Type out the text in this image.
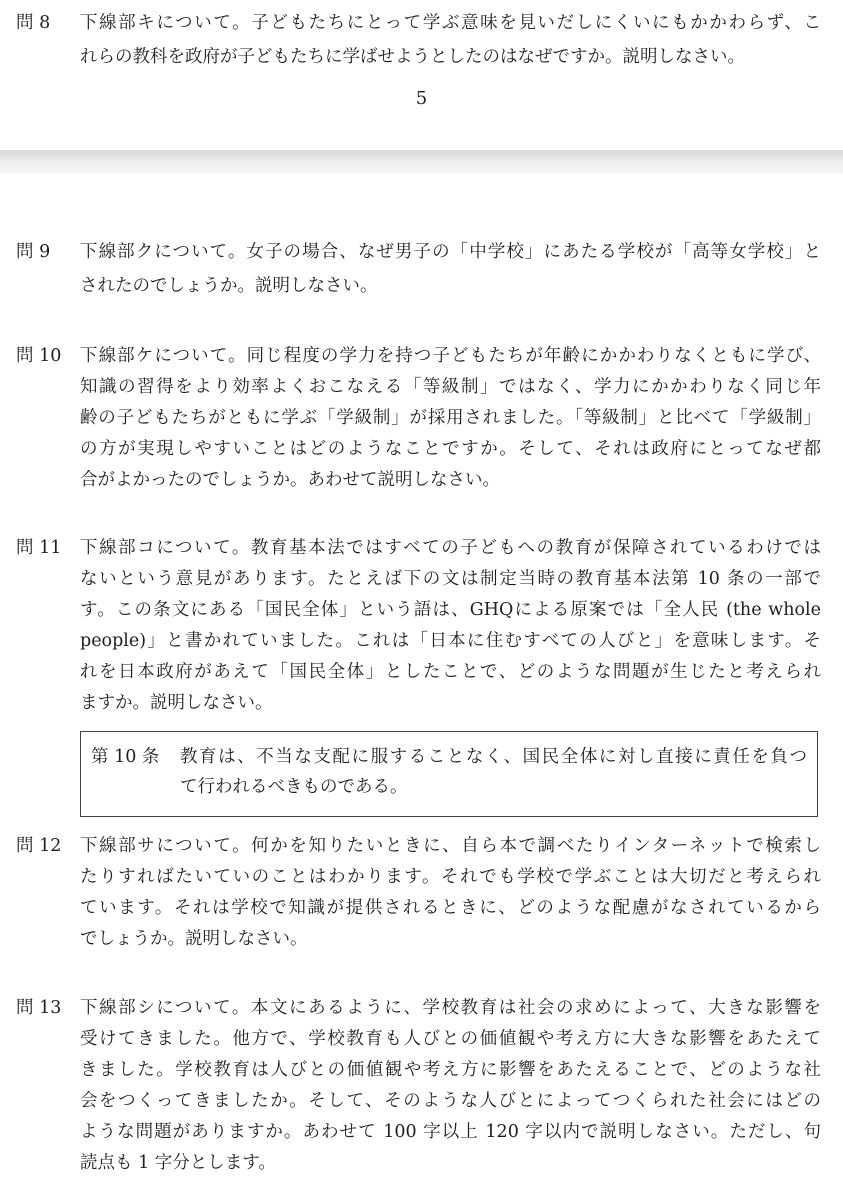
問 8 下線部キについて。子どもたちにとって学ぶ意味を見いだしにくいにもかかわらず、こ
れらの教科を政府が子どもたちに学ばせようとしたのはなぜですか。説明しなさい。
5
問 9 下線部クについて。女子の場合、なぜ男子の「中学校」にあたる学校が「高等女学校」と
されたのでしょうか。説明しなさい。
問 10 下線部ケについて。同じ程度の学力を持つ子どもたちが年齢にかかわりなくともに学び、
知識の習得をより効率よくおこなえる「等級制」ではなく、学力にかかわりなく同じ年
齢の子どもたちがともに学ぶ「学級制」が採用されました。「等級制」と比べて「学級制」
の方が実現しやすいことはどのようなことですか。そして、それは政府にとってなぜ都
合がよかったのでしょうか。あわせて説明しなさい。
問 11 下線部コについて。教育基本法ではすべての子どもへの教育が保障されているわけでは
ないという意見があります。たとえば下の文は制定当時の教育基本法第 10 条の一部で
す。この条文にある「国民全体」という語は、GHQによる原案では「全人民 (the whole
people)」と書かれていました。これは「日本に住むすべての人びと」を意味します。そ
れを日本政府があえて「国民全体」としたことで、どのような問題が生じたと考えられ
ますか。説明しなさい。
第 10 条 教育は、不当な支配に服することなく、国民全体に対し直接に責任を負つ
て行われるべきものである。
問 12 下線部サについて。何かを知りたいときに、自ら本で調べたりインターネットで検索し
たりすればたいていのことはわかります。それでも学校で学ぶことは大切だと考えられ
ています。それは学校で知識が提供されるときに、どのような配慮がなされているから
でしょうか。説明しなさい。
問 13 下線部シについて。本文にあるように、学校教育は社会の求めによって、大きな影響を
受けてきました。他方で、学校教育も人びとの価値観や考え方に大きな影響をあたえて
きました。学校教育は人びとの価値観や考え方に影響をあたえることで、どのような社
会をつくってきましたか。そして、そのような人びとによってつくられた社会にはどの
ような問題がありますか。あわせて 100 字以上 120 字以内で説明しなさい。ただし、句
読点も 1 字分とします。
